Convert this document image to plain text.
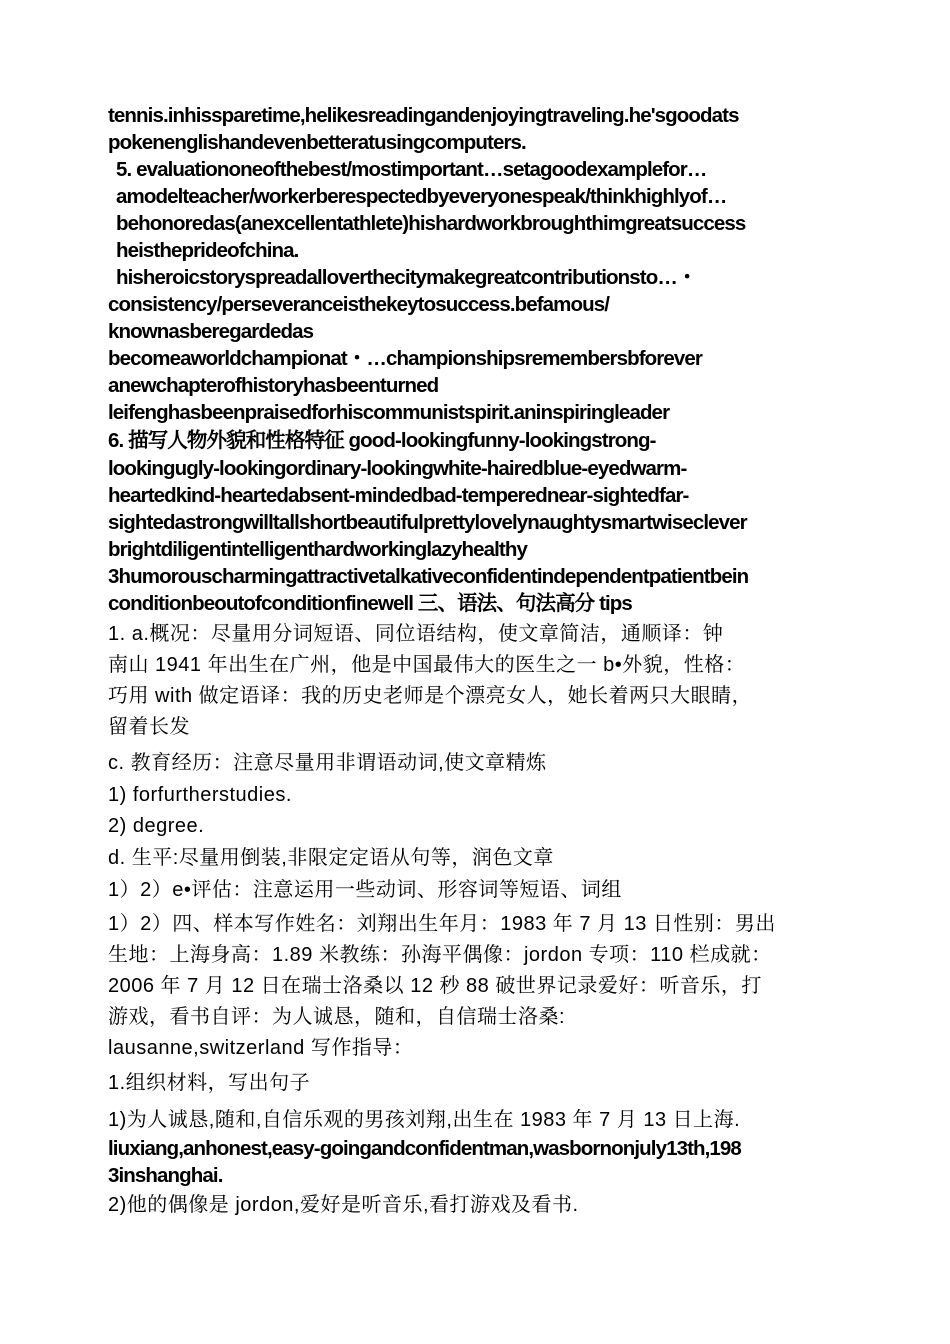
tennis.inhissparetime,helikesreadingandenjoyingtraveling.he'sgoodats
pokenenglishandevenbetteratusingcomputers.
5. evaluationoneofthebest/mostimportant…setagoodexamplefor…
amodelteacher/workerberespectedbyeveryonespeak/thinkhighlyof…
behonoredas(anexcellentathlete)hishardworkbroughthimgreatsuccess
heistheprideofchina.
hisheroicstoryspreadalloverthecitymakegreatcontributionsto…・
consistency/perseveranceisthekeytosuccess.befamous/
knownasberegardedas
becomeaworldchampionat・…championshipsremembersbforever
anewchapterofhistoryhasbeenturned
leifenghasbeenpraisedforhiscommunistspirit.aninspiringleader
6. 描写人物外貌和性格特征 good-lookingfunny-lookingstrong-
lookingugly-lookingordinary-lookingwhite-hairedblue-eyedwarm-
heartedkind-heartedabsent-mindedbad-temperednear-sightedfar-
sightedastrongwilltallshortbeautifulprettylovelynaughtysmartwiseclever
brightdiligentintelligenthardworkinglazyhealthy
3humorouscharmingattractivetalkativeconfidentindependentpatientbein
conditionbeoutofconditionfinewell 三、语法、句法高分 tips
1. a.概况：尽量用分词短语、同位语结构，使文章简洁，通顺译：钟
南山 1941 年出生在广州，他是中国最伟大的医生之一 b•外貌，性格：
巧用 with 做定语译：我的历史老师是个漂亮女人，她长着两只大眼睛，
留着长发
c. 教育经历：注意尽量用非谓语动词,使文章精炼
1) forfurtherstudies.
2) degree.
d. 生平:尽量用倒装,非限定定语从句等，润色文章
1）2）e•评估：注意运用一些动词、形容词等短语、词组
1）2）四、样本写作姓名：刘翔出生年月：1983 年 7 月 13 日性别：男出
生地：上海身高：1.89 米教练：孙海平偶像：jordon 专项：110 栏成就：
2006 年 7 月 12 日在瑞士洛桑以 12 秒 88 破世界记录爱好：听音乐，打
游戏，看书自评：为人诚恳，随和，自信瑞士洛桑:
lausanne,switzerland 写作指导：
1.组织材料，写出句子
1)为人诚恳,随和,自信乐观的男孩刘翔,出生在 1983 年 7 月 13 日上海.
liuxiang,anhonest,easy-goingandconfidentman,wasbornonjuly13th,198
3inshanghai.
2)他的偶像是 jordon,爱好是听音乐,看打游戏及看书.
